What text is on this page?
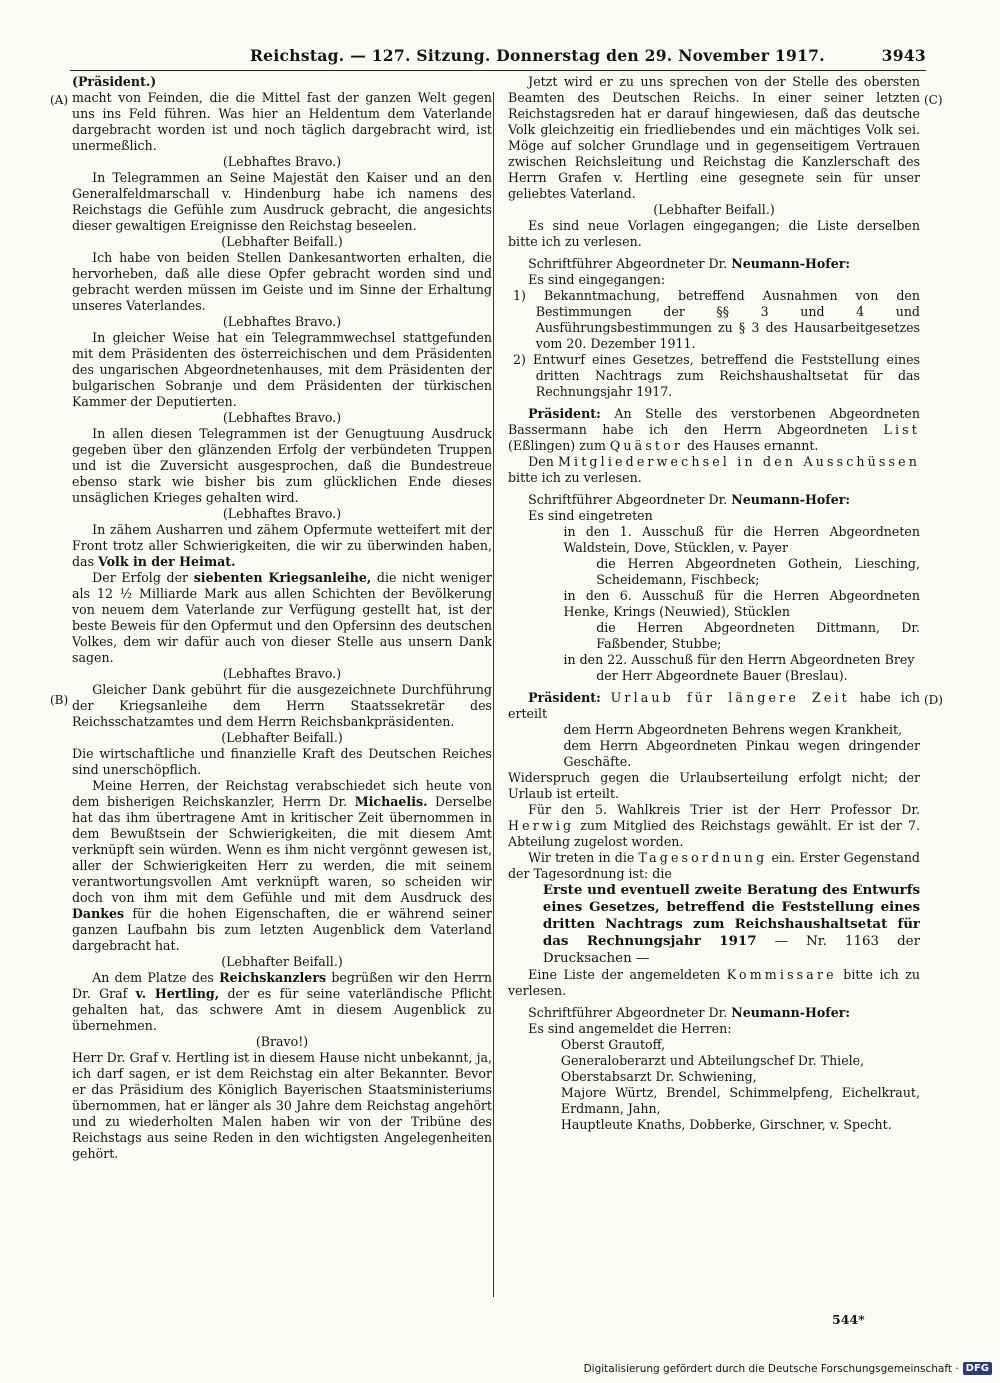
Reichstag. — 127. Sitzung. Donnerstag den 29. November 1917.	3943
(A)
(B)
(C)
(D)

(Präsident.)

macht von Feinden, die die Mittel fast der ganzen Welt gegen uns ins Feld führen. Was hier an Heldentum dem Vaterlande dargebracht worden ist und noch täglich dargebracht wird, ist unermeßlich.

(Lebhaftes Bravo.)

In Telegrammen an Seine Majestät den Kaiser und an den Generalfeldmarschall v. Hindenburg habe ich namens des Reichstags die Gefühle zum Ausdruck gebracht, die angesichts dieser gewaltigen Ereignisse den Reichstag beseelen.

(Lebhafter Beifall.)

Ich habe von beiden Stellen Dankesantworten erhalten, die hervorheben, daß alle diese Opfer gebracht worden sind und gebracht werden müssen im Geiste und im Sinne der Erhaltung unseres Vaterlandes.

(Lebhaftes Bravo.)

In gleicher Weise hat ein Telegrammwechsel stattgefunden mit dem Präsidenten des österreichischen und dem Präsidenten des ungarischen Abgeordnetenhauses, mit dem Präsidenten der bulgarischen Sobranje und dem Präsidenten der türkischen Kammer der Deputierten.

(Lebhaftes Bravo.)

In allen diesen Telegrammen ist der Genugtuung Ausdruck gegeben über den glänzenden Erfolg der verbündeten Truppen und ist die Zuversicht ausgesprochen, daß die Bundestreue ebenso stark wie bisher bis zum glücklichen Ende dieses unsäglichen Krieges gehalten wird.

(Lebhaftes Bravo.)

In zähem Ausharren und zähem Opfermute wetteifert mit der Front trotz aller Schwierigkeiten, die wir zu überwinden haben, das Volk in der Heimat.

Der Erfolg der siebenten Kriegsanleihe, die nicht weniger als 12 ½ Milliarde Mark aus allen Schichten der Bevölkerung von neuem dem Vaterlande zur Verfügung gestellt hat, ist der beste Beweis für den Opfermut und den Opfersinn des deutschen Volkes, dem wir dafür auch von dieser Stelle aus unsern Dank sagen.

(Lebhaftes Bravo.)

Gleicher Dank gebührt für die ausgezeichnete Durchführung der Kriegsanleihe dem Herrn Staatssekretär des Reichsschatzamtes und dem Herrn Reichsbankpräsidenten.

(Lebhafter Beifall.)

Die wirtschaftliche und finanzielle Kraft des Deutschen Reiches sind unerschöpflich.

Meine Herren, der Reichstag verabschiedet sich heute von dem bisherigen Reichskanzler, Herrn Dr. Michaelis. Derselbe hat das ihm übertragene Amt in kritischer Zeit übernommen in dem Bewußtsein der Schwierigkeiten, die mit diesem Amt verknüpft sein würden. Wenn es ihm nicht vergönnt gewesen ist, aller der Schwierigkeiten Herr zu werden, die mit seinem verantwortungsvollen Amt verknüpft waren, so scheiden wir doch von ihm mit dem Gefühle und mit dem Ausdruck des Dankes für die hohen Eigenschaften, die er während seiner ganzen Laufbahn bis zum letzten Augenblick dem Vaterland dargebracht hat.

(Lebhafter Beifall.)

An dem Platze des Reichskanzlers begrüßen wir den Herrn Dr. Graf v. Hertling, der es für seine vaterländische Pflicht gehalten hat, das schwere Amt in diesem Augenblick zu übernehmen.

(Bravo!)

Herr Dr. Graf v. Hertling ist in diesem Hause nicht unbekannt, ja, ich darf sagen, er ist dem Reichstag ein alter Bekannter. Bevor er das Präsidium des Königlich Bayerischen Staatsministeriums übernommen, hat er länger als 30 Jahre dem Reichstag angehört und zu wiederholten Malen haben wir von der Tribüne des Reichstags aus seine Reden in den wichtigsten Angelegenheiten gehört.

Jetzt wird er zu uns sprechen von der Stelle des obersten Beamten des Deutschen Reichs. In einer seiner letzten Reichstagsreden hat er darauf hingewiesen, daß das deutsche Volk gleichzeitig ein friedliebendes und ein mächtiges Volk sei. Möge auf solcher Grundlage und in gegenseitigem Vertrauen zwischen Reichsleitung und Reichstag die Kanzlerschaft des Herrn Grafen v. Hertling eine gesegnete sein für unser geliebtes Vaterland.

(Lebhafter Beifall.)

Es sind neue Vorlagen eingegangen; die Liste derselben bitte ich zu verlesen.

Schriftführer Abgeordneter Dr. Neumann-Hofer:

Es sind eingegangen:

1) Bekanntmachung, betreffend Ausnahmen von den Bestimmungen der §§ 3 und 4 und Ausführungsbestimmungen zu § 3 des Hausarbeitgesetzes vom 20. Dezember 1911.

2) Entwurf eines Gesetzes, betreffend die Feststellung eines dritten Nachtrags zum Reichshaushaltsetat für das Rechnungsjahr 1917.

Präsident: An Stelle des verstorbenen Abgeordneten Bassermann habe ich den Herrn Abgeordneten List (Eßlingen) zum Quästor des Hauses ernannt.

Den Mitgliederwechsel in den Ausschüssen bitte ich zu verlesen.

Schriftführer Abgeordneter Dr. Neumann-Hofer:

Es sind eingetreten

in den 1. Ausschuß für die Herren Abgeordneten Waldstein, Dove, Stücklen, v. Payer

die Herren Abgeordneten Gothein, Liesching, Scheidemann, Fischbeck;

in den 6. Ausschuß für die Herren Abgeordneten Henke, Krings (Neuwied), Stücklen

die Herren Abgeordneten Dittmann, Dr. Faßbender, Stubbe;

in den 22. Ausschuß für den Herrn Abgeordneten Brey

der Herr Abgeordnete Bauer (Breslau).

Präsident: Urlaub für längere Zeit habe ich erteilt

dem Herrn Abgeordneten Behrens wegen Krankheit,

dem Herrn Abgeordneten Pinkau wegen dringender Geschäfte.

Widerspruch gegen die Urlaubserteilung erfolgt nicht; der Urlaub ist erteilt.

Für den 5. Wahlkreis Trier ist der Herr Professor Dr. Herwig zum Mitglied des Reichstags gewählt. Er ist der 7. Abteilung zugelost worden.

Wir treten in die Tagesordnung ein. Erster Gegenstand der Tagesordnung ist: die

Erste und eventuell zweite Beratung des Entwurfs eines Gesetzes, betreffend die Feststellung eines dritten Nachtrags zum Reichshaushaltsetat für das Rechnungsjahr 1917 — Nr. 1163 der Drucksachen —

Eine Liste der angemeldeten Kommissare bitte ich zu verlesen.

Schriftführer Abgeordneter Dr. Neumann-Hofer:

Es sind angemeldet die Herren:

Oberst Grautoff,

Generaloberarzt und Abteilungschef Dr. Thiele,

Oberstabsarzt Dr. Schwiening,

Majore Würtz, Brendel, Schimmelpfeng, Eichelkraut, Erdmann, Jahn,

Hauptleute Knaths, Dobberke, Girschner, v. Specht.

544*
Digitalisierung gefördert durch die Deutsche Forschungsgemeinschaft · DFG
